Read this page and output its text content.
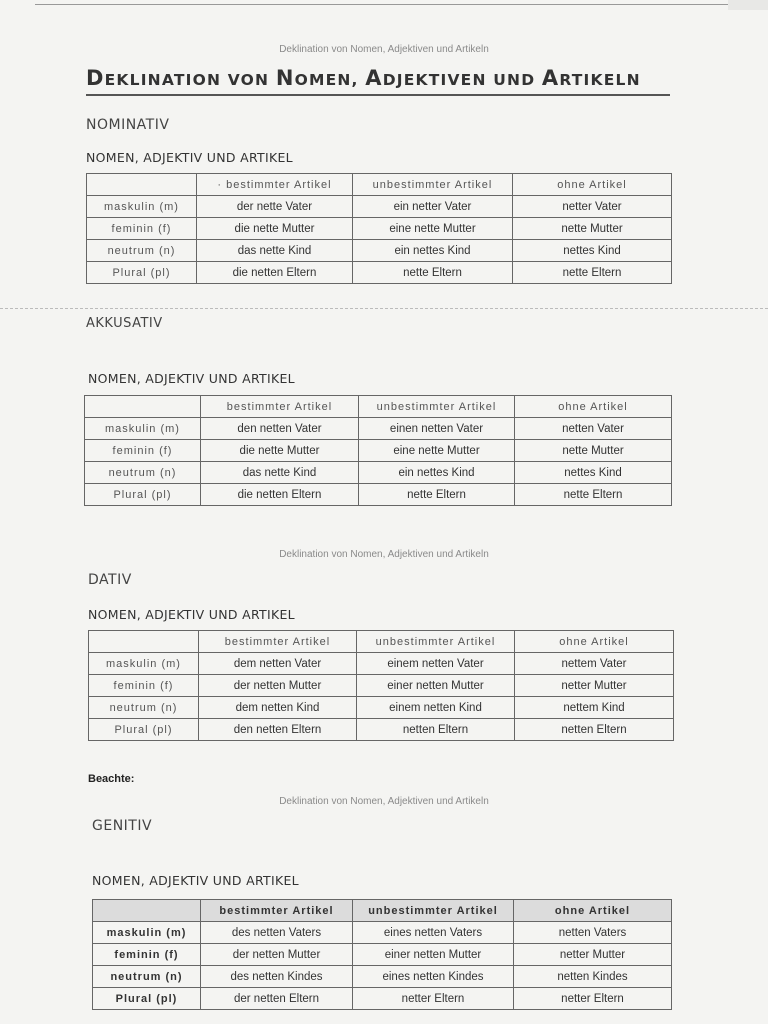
Deklination von Nomen, Adjektiven und Artikeln
DEKLINATION VON NOMEN, ADJEKTIVEN UND ARTIKELN
NOMINATIV
NOMEN, ADJEKTIV UND ARTIKEL
	· bestimmter Artikel	unbestimmter Artikel	ohne Artikel
maskulin (m)	der nette Vater	ein netter Vater	netter Vater
feminin (f)	die nette Mutter	eine nette Mutter	nette Mutter
neutrum (n)	das nette Kind	ein nettes Kind	nettes Kind
Plural (pl)	die netten Eltern	nette Eltern	nette Eltern
AKKUSATIV
NOMEN, ADJEKTIV UND ARTIKEL
	bestimmter Artikel	unbestimmter Artikel	ohne Artikel
maskulin (m)	den netten Vater	einen netten Vater	netten Vater
feminin (f)	die nette Mutter	eine nette Mutter	nette Mutter
neutrum (n)	das nette Kind	ein nettes Kind	nettes Kind
Plural (pl)	die netten Eltern	nette Eltern	nette Eltern
Deklination von Nomen, Adjektiven und Artikeln
DATIV
NOMEN, ADJEKTIV UND ARTIKEL
	bestimmter Artikel	unbestimmter Artikel	ohne Artikel
maskulin (m)	dem netten Vater	einem netten Vater	nettem Vater
feminin (f)	der netten Mutter	einer netten Mutter	netter Mutter
neutrum (n)	dem netten Kind	einem netten Kind	nettem Kind
Plural (pl)	den netten Eltern	netten Eltern	netten Eltern
Beachte:
Deklination von Nomen, Adjektiven und Artikeln
GENITIV
NOMEN, ADJEKTIV UND ARTIKEL
	bestimmter Artikel	unbestimmter Artikel	ohne Artikel
maskulin (m)	des netten Vaters	eines netten Vaters	netten Vaters
feminin (f)	der netten Mutter	einer netten Mutter	netter Mutter
neutrum (n)	des netten Kindes	eines netten Kindes	netten Kindes
Plural (pl)	der netten Eltern	netter Eltern	netter Eltern
